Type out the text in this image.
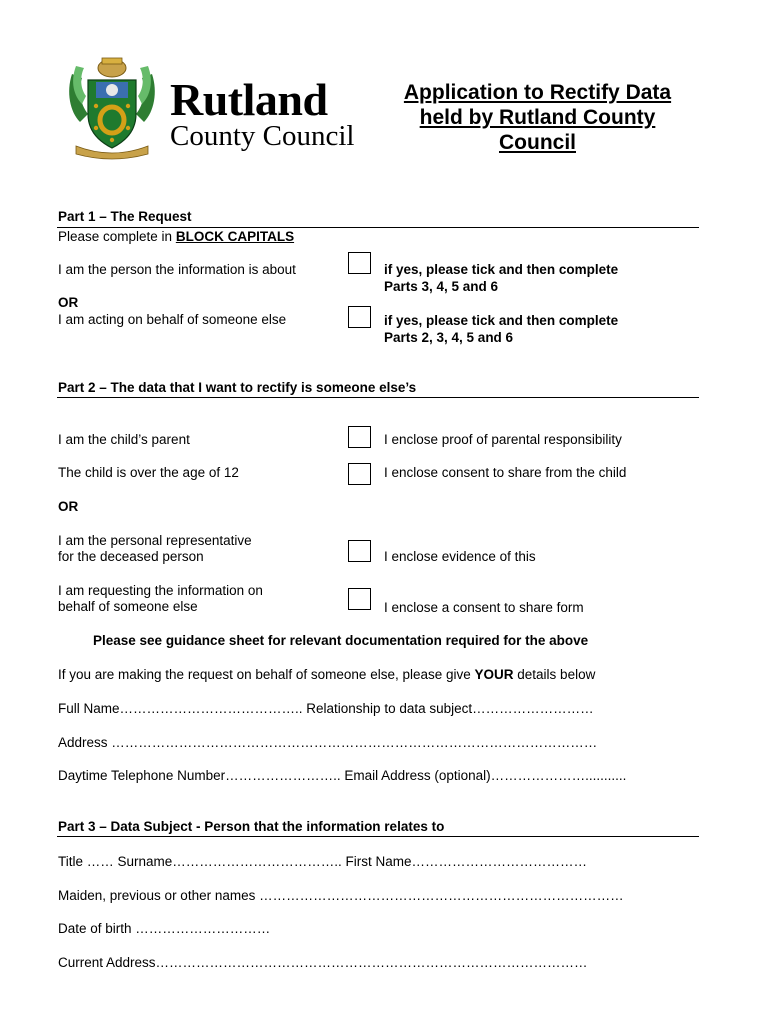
Rutland
County Council
Application to Rectify Data held by Rutland County Council
Part 1 – The Request
Please complete in BLOCK CAPITALS
I am the person the information is about	if yes, please tick and then complete
Parts 3, 4, 5 and 6
OR
I am acting on behalf of someone else	if yes, please tick and then complete
Parts 2, 3, 4, 5 and 6
Part 2 – The data that I want to rectify is someone else’s
I am the child’s parent	I enclose proof of parental responsibility
The child is over the age of 12	I enclose consent to share from the child
OR
I am the personal representative
for the deceased person	I enclose evidence of this
I am requesting the information on
behalf of someone else	I enclose a consent to share form
Please see guidance sheet for relevant documentation required for the above
If you are making the request on behalf of someone else, please give YOUR details below
Full Name………………………………….. Relationship to data subject………………………
Address ………………………………………………………………………………………………
Daytime Telephone Number…………………….. Email Address (optional)…………………...........
Part 3 – Data Subject - Person that the information relates to
Title …… Surname……………………………….. First Name…………………………………
Maiden, previous or other names ………………………………………………………………………
Date of birth …………………………
Current Address……………………………………………………………………………………
